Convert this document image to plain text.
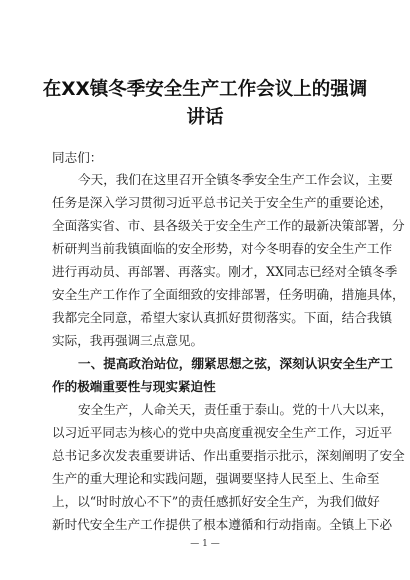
在XX镇冬季安全生产工作会议上的强调
讲话
同志们：
今天，我们在这里召开全镇冬季安全生产工作会议，主要
任务是深入学习贯彻习近平总书记关于安全生产的重要论述，
全面落实省、市、县各级关于安全生产工作的最新决策部署，分
析研判当前我镇面临的安全形势，对今冬明春的安全生产工作
进行再动员、再部署、再落实。刚才，XX同志已经对全镇冬季
安全生产工作作了全面细致的安排部署，任务明确，措施具体，
我都完全同意，希望大家认真抓好贯彻落实。下面，结合我镇
实际，我再强调三点意见。
一、提高政治站位，绷紧思想之弦，深刻认识安全生产工
作的极端重要性与现实紧迫性
安全生产，人命关天，责任重于泰山。党的十八大以来，
以习近平同志为核心的党中央高度重视安全生产工作，习近平
总书记多次发表重要讲话、作出重要指示批示，深刻阐明了安全
生产的重大理论和实践问题，强调要坚持人民至上、生命至
上，以“时时放心不下”的责任感抓好安全生产，为我们做好
新时代安全生产工作提供了根本遵循和行动指南。全镇上下必
— 1 —
